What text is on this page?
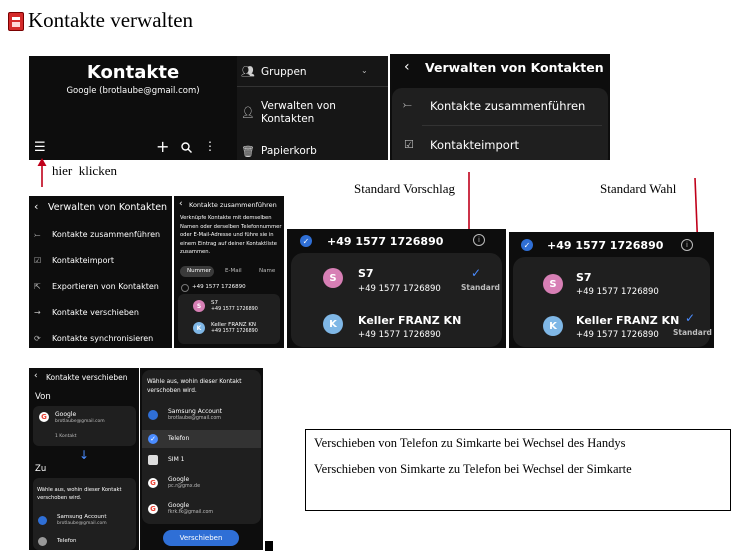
Kontakte verwalten
Kontakte
Google (brotlaube@gmail.com)
☰	+	⋮
👥︎ Gruppen	⌄
👤︎ Verwalten von Kontakten
🗑︎ Papierkorb
‹ Verwalten von Kontakten
⤚ Kontakte zusammenführen
☑ Kontakteimport
hier  klicken
Standard Vorschlag	Standard Wahl
‹ Verwalten von Kontakten
⤚ Kontakte zusammenführen
☑ Kontakteimport
⇱ Exportieren von Kontakten
→ Kontakte verschieben
⟳ Kontakte synchronisieren
‹ Kontakte zusammenführen
Verknüpfe Kontakte mit demselben Namen oder derselben Telefonnummer oder E-Mail-Adresse und führe sie in einem Eintrag auf deiner Kontaktliste zusammen.
Nummer	E-Mail	Name
+49 1577 1726890
S	S7
+49 1577 1726890
K	Keller FRANZ KN
+49 1577 1726890
✓ +49 1577 1726890	i
S	S7
+49 1577 1726890
✓
Standard
K	Keller FRANZ KN
+49 1577 1726890
✓ +49 1577 1726890	i
S	S7
+49 1577 1726890
K	Keller FRANZ KN
+49 1577 1726890
✓
Standard
‹ Kontakte verschieben
Von
G	Google
brotlaube@gmail.com
1 Kontakt
↓
Zu
Wähle aus, wohin dieser Kontakt verschoben wird.
Samsung Account
brotlaube@gmail.com
Telefon
Wähle aus, wohin dieser Kontakt verschoben wird.
Samsung Account
brotlaube@gmail.com
✓	Telefon
SIM 1
G	Google
pc.r@gmx.de
G	Google
fkrk.fk@gmail.com
Verschieben
Verschieben von Telefon zu Simkarte bei Wechsel des Handys
Verschieben von Simkarte zu Telefon bei Wechsel der Simkarte
